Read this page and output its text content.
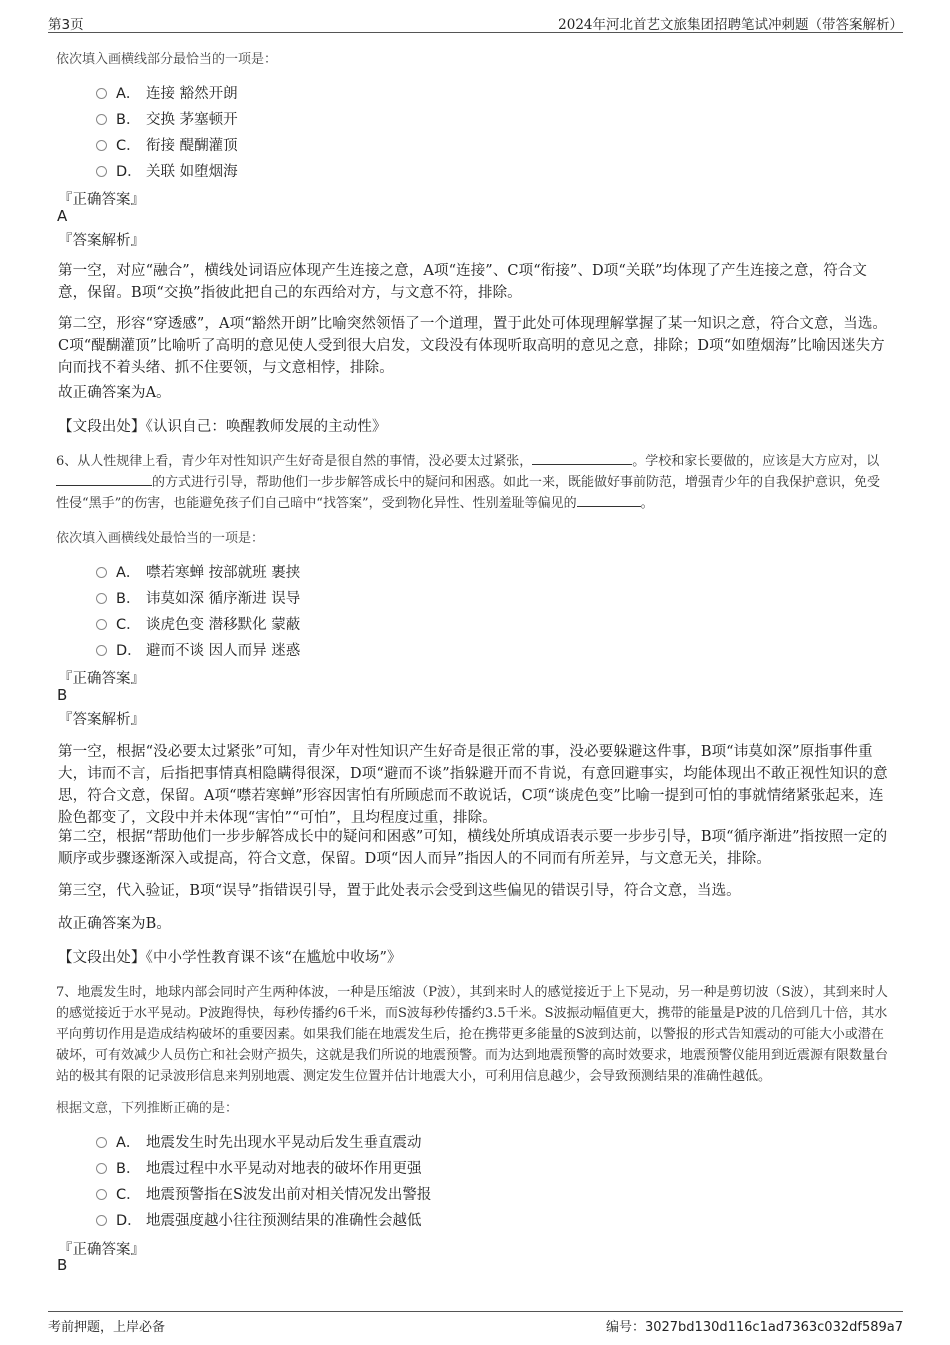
第3页	2024年河北首艺文旅集团招聘笔试冲刺题（带答案解析）
依次填入画横线部分最恰当的一项是：
A． 连接 豁然开朗
B． 交换 茅塞顿开
C． 衔接 醍醐灌顶
D． 关联 如堕烟海
『正确答案』
A
『答案解析』
第一空，对应“融合”，横线处词语应体现产生连接之意，A项“连接”、C项“衔接”、D项“关联”均体现了产生连接之意，符合文意，保留。B项“交换”指彼此把自己的东西给对方，与文意不符，排除。
第二空，形容“穿透感”，A项“豁然开朗”比喻突然领悟了一个道理，置于此处可体现理解掌握了某一知识之意，符合文意，当选。C项“醍醐灌顶”比喻听了高明的意见使人受到很大启发，文段没有体现听取高明的意见之意，排除；D项“如堕烟海”比喻因迷失方向而找不着头绪、抓不住要领，与文意相悖，排除。
故正确答案为A。
【文段出处】《认识自己：唤醒教师发展的主动性》
6、从人性规律上看，青少年对性知识产生好奇是很自然的事情，没必要太过紧张，	。学校和家长要做的，应该是大方应对，以的方式进行引导，帮助他们一步步解答成长中的疑问和困惑。如此一来，既能做好事前防范，增强青少年的自我保护意识，免受性侵“黑手”的伤害，也能避免孩子们自己暗中“找答案”，受到物化异性、性别羞耻等偏见的	。
依次填入画横线处最恰当的一项是：
A． 噤若寒蝉 按部就班 裹挟
B． 讳莫如深 循序渐进 误导
C． 谈虎色变 潜移默化 蒙蔽
D． 避而不谈 因人而异 迷惑
『正确答案』
B
『答案解析』
第一空，根据“没必要太过紧张”可知，青少年对性知识产生好奇是很正常的事，没必要躲避这件事，B项“讳莫如深”原指事件重大，讳而不言，后指把事情真相隐瞒得很深，D项“避而不谈”指躲避开而不肯说，有意回避事实，均能体现出不敢正视性知识的意思，符合文意，保留。A项“噤若寒蝉”形容因害怕有所顾虑而不敢说话，C项“谈虎色变”比喻一提到可怕的事就情绪紧张起来，连脸色都变了，文段中并未体现“害怕”“可怕”，且均程度过重，排除。
第二空，根据“帮助他们一步步解答成长中的疑问和困惑”可知，横线处所填成语表示要一步步引导，B项“循序渐进”指按照一定的顺序或步骤逐渐深入或提高，符合文意，保留。D项“因人而异”指因人的不同而有所差异，与文意无关，排除。
第三空，代入验证，B项“误导”指错误引导，置于此处表示会受到这些偏见的错误引导，符合文意，当选。
故正确答案为B。
【文段出处】《中小学性教育课不该“在尴尬中收场”》
7、地震发生时，地球内部会同时产生两种体波，一种是压缩波（P波），其到来时人的感觉接近于上下晃动，另一种是剪切波（S波），其到来时人的感觉接近于水平晃动。P波跑得快，每秒传播约6千米，而S波每秒传播约3.5千米。S波振动幅值更大，携带的能量是P波的几倍到几十倍，其水平向剪切作用是造成结构破坏的重要因素。如果我们能在地震发生后，抢在携带更多能量的S波到达前，以警报的形式告知震动的可能大小或潜在破坏，可有效减少人员伤亡和社会财产损失，这就是我们所说的地震预警。而为达到地震预警的高时效要求，地震预警仪能用到近震源有限数量台站的极其有限的记录波形信息来判别地震、测定发生位置并估计地震大小，可利用信息越少，会导致预测结果的准确性越低。
根据文意，下列推断正确的是：
A． 地震发生时先出现水平晃动后发生垂直震动
B． 地震过程中水平晃动对地表的破坏作用更强
C． 地震预警指在S波发出前对相关情况发出警报
D． 地震强度越小往往预测结果的准确性会越低
『正确答案』
B
考前押题，上岸必备	编号：3027bd130d116c1ad7363c032df589a7
